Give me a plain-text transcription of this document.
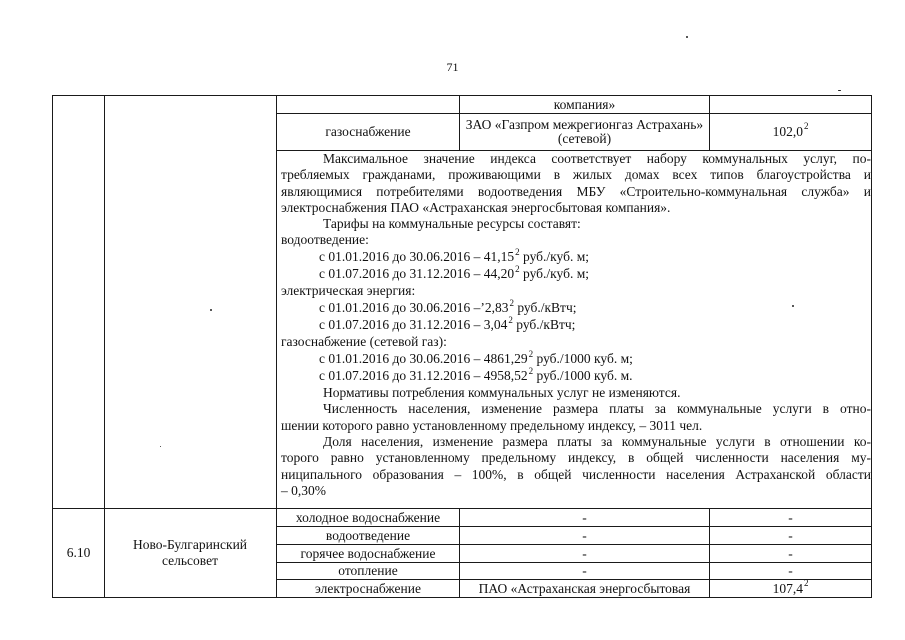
71
компания»
газоснабжение	ЗАО «Газпром межрегионгаз Астрахань» (сетевой)	102,0 2
Максимальное значение индекса соответствует набору коммунальных услуг, по-
требляемых гражданами, проживающими в жилых домах всех типов благоустройства и
являющимися потребителями водоотведения МБУ «Строительно-коммунальная служба» и
электроснабжения ПАО «Астраханская энергосбытовая компания».
Тарифы на коммунальные ресурсы составят:
водоотведение:
с 01.01.2016 до 30.06.2016 – 41,15$^2$ руб./куб. м;
с 01.07.2016 до 31.12.2016 – 44,20$^2$ руб./куб. м;
электрическая энергия:
с 01.01.2016 до 30.06.2016 –’2,83$^2$ руб./кВтч;
с 01.07.2016 до 31.12.2016 – 3,04$^2$ руб./кВтч;
газоснабжение (сетевой газ):
с 01.01.2016 до 30.06.2016 – 4861,29$^2$ руб./1000 куб. м;
с 01.07.2016 до 31.12.2016 – 4958,52$^2$ руб./1000 куб. м.
Нормативы потребления коммунальных услуг не изменяются.
Численность населения, изменение размера платы за коммунальные услуги в отно-
шении которого равно установленному предельному индексу, – 3011 чел.
Доля населения, изменение размера платы за коммунальные услуги в отношении ко-
торого равно установленному предельному индексу, в общей численности населения му-
ниципального образования – 100%, в общей численности населения Астраханской области
– 0,30%
6.10
Ново-Булгаринский сельсовет
холодное водоснабжение	-	-
водоотведение	-	-
горячее водоснабжение	-	-
отопление	-	-
электроснабжение	ПАО «Астраханская энергосбытовая	107,4 2
